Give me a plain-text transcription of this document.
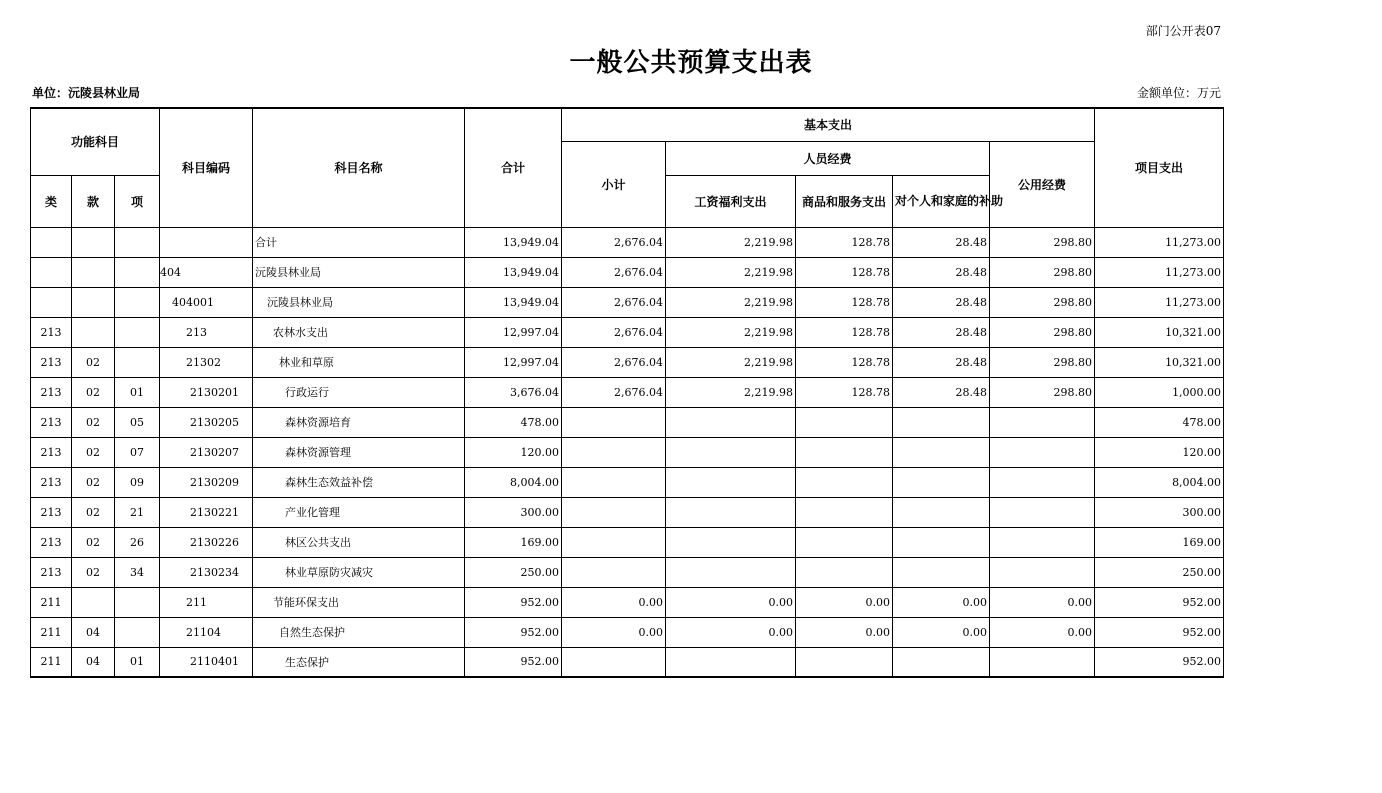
部门公开表07
一般公共预算支出表
单位：沅陵县林业局	金额单位：万元
功能科目			科目编码	科目名称	合计	基本支出					项目支出
						小计	人员经费			公用经费	
类	款	项					工资福利支出	商品和服务支出	对个人和家庭的补助		
				合计	13,949.04	2,676.04	2,219.98	128.78	28.48	298.80	11,273.00
			404	沅陵县林业局	13,949.04	2,676.04	2,219.98	128.78	28.48	298.80	11,273.00
			404001	沅陵县林业局	13,949.04	2,676.04	2,219.98	128.78	28.48	298.80	11,273.00
213			213	农林水支出	12,997.04	2,676.04	2,219.98	128.78	28.48	298.80	10,321.00
213	02		21302	林业和草原	12,997.04	2,676.04	2,219.98	128.78	28.48	298.80	10,321.00
213	02	01	2130201	行政运行	3,676.04	2,676.04	2,219.98	128.78	28.48	298.80	1,000.00
213	02	05	2130205	森林资源培育	478.00						478.00
213	02	07	2130207	森林资源管理	120.00						120.00
213	02	09	2130209	森林生态效益补偿	8,004.00						8,004.00
213	02	21	2130221	产业化管理	300.00						300.00
213	02	26	2130226	林区公共支出	169.00						169.00
213	02	34	2130234	林业草原防灾减灾	250.00						250.00
211			211	节能环保支出	952.00	0.00	0.00	0.00	0.00	0.00	952.00
211	04		21104	自然生态保护	952.00	0.00	0.00	0.00	0.00	0.00	952.00
211	04	01	2110401	生态保护	952.00						952.00
